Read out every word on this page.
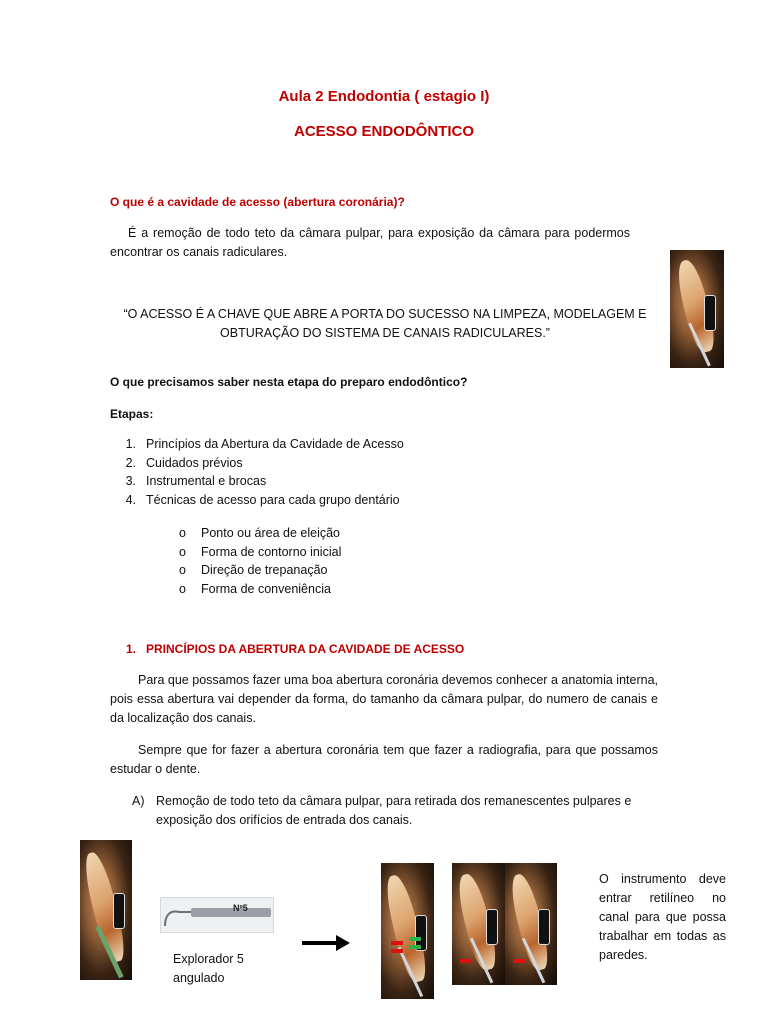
Aula 2 Endodontia ( estagio I)
ACESSO ENDODÔNTICO
O que é a cavidade de acesso (abertura coronária)?
É a remoção de todo teto da câmara pulpar, para exposição da câmara para podermos encontrar os canais radiculares.
“O ACESSO É A CHAVE QUE ABRE A PORTA DO SUCESSO NA LIMPEZA, MODELAGEM E
OBTURAÇÃO DO SISTEMA DE CANAIS RADICULARES.”
O que precisamos saber nesta etapa do preparo endodôntico?
Etapas:
1. Princípios da Abertura da Cavidade de Acesso
2. Cuidados prévios
3. Instrumental e brocas
4. Técnicas de acesso para cada grupo dentário
o Ponto ou área de eleição
o Forma de contorno inicial
o Direção de trepanação
o Forma de conveniência
1. PRINCÍPIOS DA ABERTURA DA CAVIDADE DE ACESSO
Para que possamos fazer uma boa abertura coronária devemos conhecer a anatomia interna, pois essa abertura vai depender da forma, do tamanho da câmara pulpar, do numero de canais e da localização dos canais.
Sempre que for fazer a abertura coronária tem que fazer a radiografia, para que possamos estudar o dente.
A) Remoção de todo teto da câmara pulpar, para retirada dos remanescentes pulpares e
exposição dos orifícios de entrada dos canais.
Nº5
Explorador 5
angulado
O instrumento deve entrar retilíneo no canal para que possa trabalhar em todas as paredes.
